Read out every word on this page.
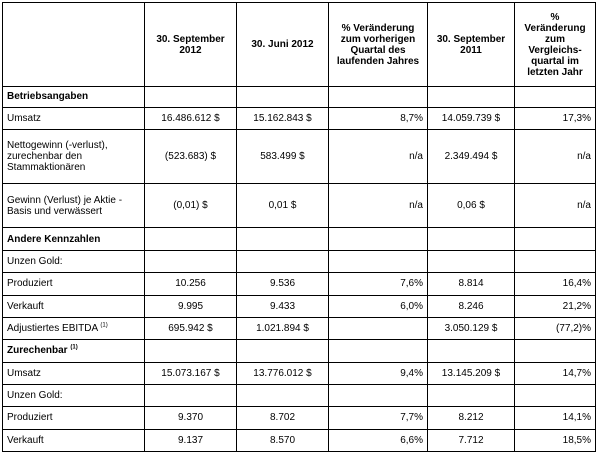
	30. September 2012	30. Juni 2012	% Veränderung zum vorherigen Quartal des laufenden Jahres	30. September 2011	% Veränderung zum Vergleichs-quartal im letzten Jahr
Betriebsangaben					
Umsatz	16.486.612 $	15.162.843 $	8,7%	14.059.739 $	17,3%
Nettogewinn (-verlust), zurechenbar den Stammaktionären	(523.683) $	583.499 $	n/a	2.349.494 $	n/a
Gewinn (Verlust) je Aktie - Basis und verwässert	(0,01) $	0,01 $	n/a	0,06 $	n/a
Andere Kennzahlen					
Unzen Gold:					
Produziert	10.256	9.536	7,6%	8.814	16,4%
Verkauft	9.995	9.433	6,0%	8.246	21,2%
Adjustiertes EBITDA $^{(1)}$	695.942 $	1.021.894 $		3.050.129 $	(77,2)%
Zurechenbar $^{(1)}$					
Umsatz	15.073.167 $	13.776.012 $	9,4%	13.145.209 $	14,7%
Unzen Gold:					
Produziert	9.370	8.702	7,7%	8.212	14,1%
Verkauft	9.137	8.570	6,6%	7.712	18,5%
